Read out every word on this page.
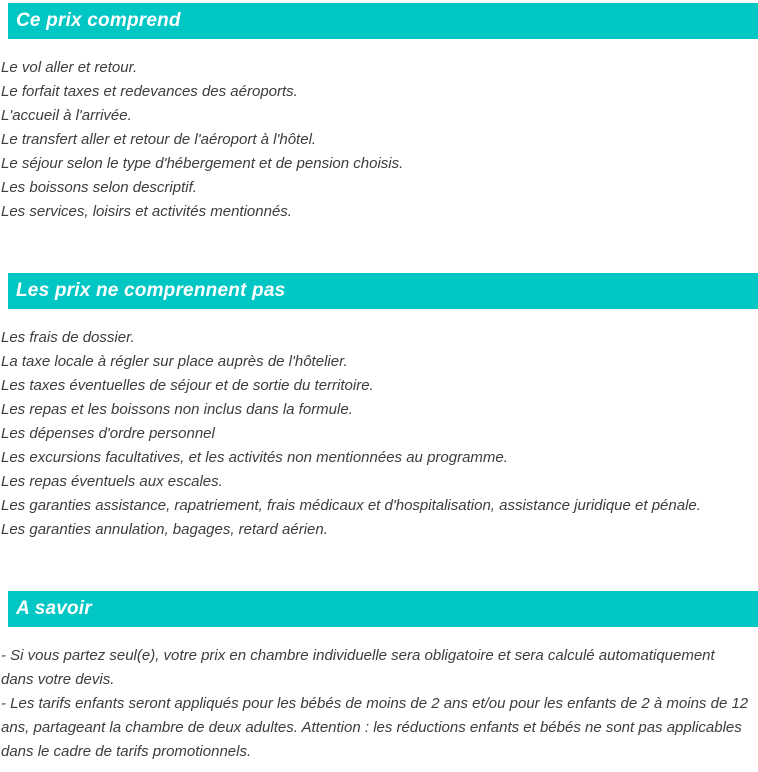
Ce prix comprend
Le vol aller et retour.
Le forfait taxes et redevances des aéroports.
L'accueil à l'arrivée.
Le transfert aller et retour de l'aéroport à l'hôtel.
Le séjour selon le type d'hébergement et de pension choisis.
Les boissons selon descriptif.
Les services, loisirs et activités mentionnés.
Les prix ne comprennent pas
Les frais de dossier.
La taxe locale à régler sur place auprès de l'hôtelier.
Les taxes éventuelles de séjour et de sortie du territoire.
Les repas et les boissons non inclus dans la formule.
Les dépenses d'ordre personnel
Les excursions facultatives, et les activités non mentionnées au programme.
Les repas éventuels aux escales.
Les garanties assistance, rapatriement, frais médicaux et d'hospitalisation, assistance juridique et pénale.
Les garanties annulation, bagages, retard aérien.
A savoir
- Si vous partez seul(e), votre prix en chambre individuelle sera obligatoire et sera calculé automatiquement dans votre devis.
- Les tarifs enfants seront appliqués pour les bébés de moins de 2 ans et/ou pour les enfants de 2 à moins de 12 ans, partageant la chambre de deux adultes. Attention : les réductions enfants et bébés ne sont pas applicables dans le cadre de tarifs promotionnels.
